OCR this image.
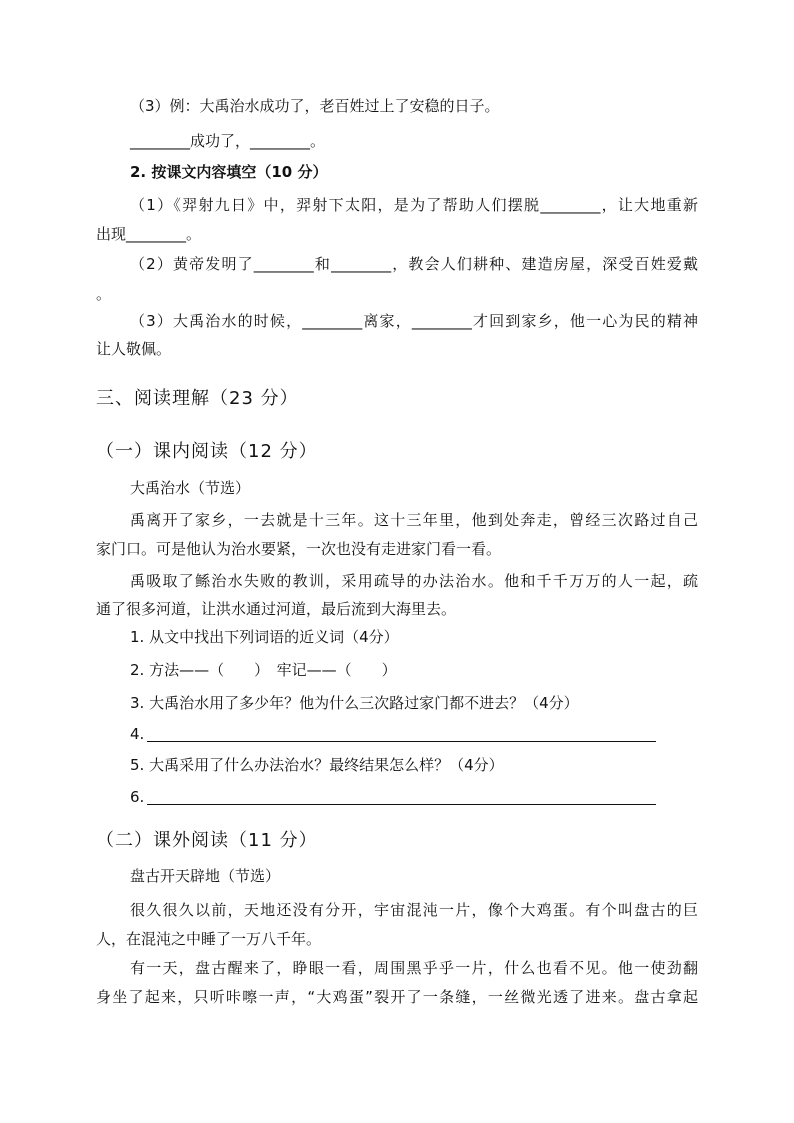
（3）例：大禹治水成功了，老百姓过上了安稳的日子。
________成功了，________。
2. 按课文内容填空（10 分）
（1）《羿射九日》中，羿射下太阳，是为了帮助人们摆脱________，让大地重新
出现________。
（2）黄帝发明了________和________，教会人们耕种、建造房屋，深受百姓爱戴
。
（3）大禹治水的时候，________离家，________才回到家乡，他一心为民的精神
让人敬佩。
三、阅读理解（23 分）
（一）课内阅读（12 分）
大禹治水（节选）
禹离开了家乡，一去就是十三年。这十三年里，他到处奔走，曾经三次路过自己
家门口。可是他认为治水要紧，一次也没有走进家门看一看。
禹吸取了鲧治水失败的教训，采用疏导的办法治水。他和千千万万的人一起，疏
通了很多河道，让洪水通过河道，最后流到大海里去。
1. 从文中找出下列词语的近义词（4分）
2. 方法——（　　）　牢记——（　　）
3. 大禹治水用了多少年？他为什么三次路过家门都不进去？（4分）
4.
5. 大禹采用了什么办法治水？最终结果怎么样？（4分）
6.
（二）课外阅读（11 分）
盘古开天辟地（节选）
很久很久以前，天地还没有分开，宇宙混沌一片，像个大鸡蛋。有个叫盘古的巨
人，在混沌之中睡了一万八千年。
有一天，盘古醒来了，睁眼一看，周围黑乎乎一片，什么也看不见。他一使劲翻
身坐了起来，只听咔嚓一声，“大鸡蛋”裂开了一条缝，一丝微光透了进来。盘古拿起
